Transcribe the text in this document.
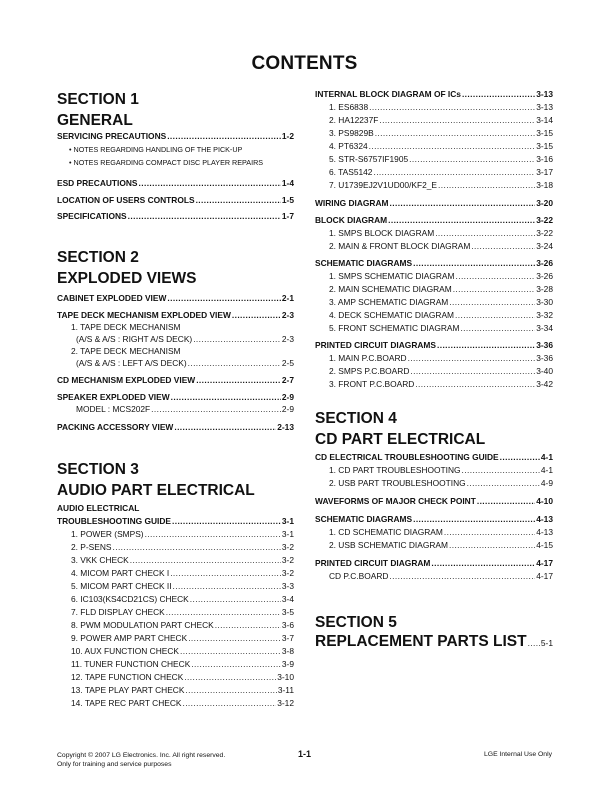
CONTENTS
SECTION 1
GENERAL
SERVICING PRECAUTIONS .....	1-2
• NOTES REGARDING HANDLING OF THE PICK-UP
• NOTES REGARDING COMPACT DISC PLAYER REPAIRS
ESD PRECAUTIONS .....	1-4
LOCATION OF USERS CONTROLS .....	1-5
SPECIFICATIONS .....	1-7
SECTION 2
EXPLODED VIEWS
CABINET EXPLODED VIEW .....	2-1
TAPE DECK MECHANISM EXPLODED VIEW .....	2-3
1. TAPE DECK MECHANISM
(A/S & A/S : RIGHT A/S DECK) .....	2-3
2. TAPE DECK MECHANISM
(A/S & A/S : LEFT A/S DECK) .....	2-5
CD MECHANISM EXPLODED VIEW .....	2-7
SPEAKER EXPLODED VIEW .....	2-9
MODEL : MCS202F .....	2-9
PACKING ACCESSORY VIEW .....	2-13
SECTION 3
AUDIO PART ELECTRICAL
AUDIO ELECTRICAL
TROUBLESHOOTING GUIDE .....	3-1
1. POWER (SMPS) .....	3-1
2. P-SENS .....	3-2
3. VKK CHECK .....	3-2
4. MICOM PART CHECK I .....	3-2
5. MICOM PART CHECK II .....	3-3
6. IC103(KS4CD21CS) CHECK .....	3-4
7. FLD DISPLAY CHECK .....	3-5
8. PWM MODULATION PART CHECK .....	3-6
9. POWER AMP PART CHECK .....	3-7
10. AUX FUNCTION CHECK .....	3-8
11. TUNER FUNCTION CHECK .....	3-9
12. TAPE FUNCTION CHECK .....	3-10
13. TAPE PLAY PART CHECK .....	3-11
14. TAPE REC PART CHECK .....	3-12
INTERNAL BLOCK DIAGRAM OF ICs .....	3-13
1. ES6838 .....	3-13
2. HA12237F .....	3-14
3. PS9829B .....	3-15
4. PT6324 .....	3-15
5. STR-S6757IF1905 .....	3-16
6. TAS5142 .....	3-17
7. U1739EJ2V1UD00/KF2_E .....	3-18
WIRING DIAGRAM .....	3-20
BLOCK DIAGRAM .....	3-22
1. SMPS BLOCK DIAGRAM .....	3-22
2. MAIN & FRONT BLOCK DIAGRAM .....	3-24
SCHEMATIC DIAGRAMS .....	3-26
1. SMPS SCHEMATIC DIAGRAM .....	3-26
2. MAIN SCHEMATIC DIAGRAM .....	3-28
3. AMP SCHEMATIC DIAGRAM .....	3-30
4. DECK SCHEMATIC DIAGRAM .....	3-32
5. FRONT SCHEMATIC DIAGRAM .....	3-34
PRINTED CIRCUIT DIAGRAMS .....	3-36
1. MAIN P.C.BOARD .....	3-36
2. SMPS P.C.BOARD .....	3-40
3. FRONT P.C.BOARD .....	3-42
SECTION 4
CD PART ELECTRICAL
CD ELECTRICAL TROUBLESHOOTING GUIDE .....	4-1
1. CD PART TROUBLESHOOTING .....	4-1
2. USB PART TROUBLESHOOTING .....	4-9
WAVEFORMS OF MAJOR CHECK POINT .....	4-10
SCHEMATIC DIAGRAMS .....	4-13
1. CD SCHEMATIC DIAGRAM .....	4-13
2. USB SCHEMATIC DIAGRAM .....	4-15
PRINTED CIRCUIT DIAGRAM .....	4-17
CD P.C.BOARD .....	4-17
SECTION 5
REPLACEMENT PARTS LIST ..... 5-1
Copyright © 2007 LG Electronics. Inc. All right reserved.
Only for training and service purposes
1-1	LGE Internal Use Only
